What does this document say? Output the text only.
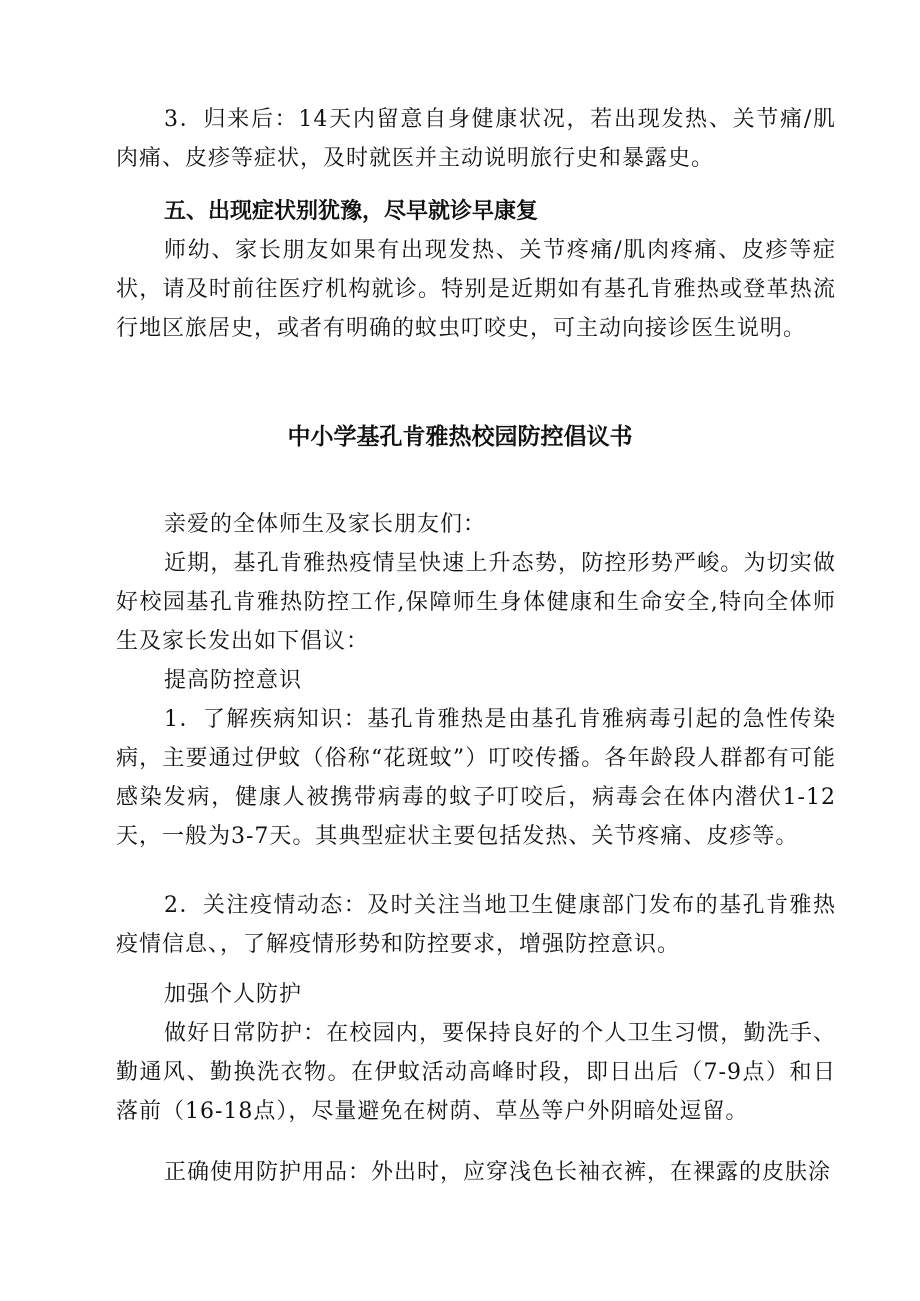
3．归来后：14天内留意自身健康状况，若出现发热、关节痛/肌肉痛、皮疹等症状，及时就医并主动说明旅行史和暴露史。

五、出现症状别犹豫，尽早就诊早康复

师幼、家长朋友如果有出现发热、关节疼痛/肌肉疼痛、皮疹等症状，请及时前往医疗机构就诊。特别是近期如有基孔肯雅热或登革热流行地区旅居史，或者有明确的蚊虫叮咬史，可主动向接诊医生说明。

中小学基孔肯雅热校园防控倡议书

亲爱的全体师生及家长朋友们：

近期，基孔肯雅热疫情呈快速上升态势，防控形势严峻。为切实做好校园基孔肯雅热防控工作,保障师生身体健康和生命安全,特向全体师生及家长发出如下倡议：

提高防控意识

1．了解疾病知识：基孔肯雅热是由基孔肯雅病毒引起的急性传染病，主要通过伊蚊（俗称“花斑蚊”）叮咬传播。各年龄段人群都有可能感染发病，健康人被携带病毒的蚊子叮咬后，病毒会在体内潜伏1-12天，一般为3-7天。其典型症状主要包括发热、关节疼痛、皮疹等。

2．关注疫情动态：及时关注当地卫生健康部门发布的基孔肯雅热疫情信息、，了解疫情形势和防控要求，增强防控意识。

加强个人防护

做好日常防护：在校园内，要保持良好的个人卫生习惯，勤洗手、勤通风、勤换洗衣物。在伊蚊活动高峰时段，即日出后（7-9点）和日落前（16-18点），尽量避免在树荫、草丛等户外阴暗处逗留。

正确使用防护用品：外出时，应穿浅色长袖衣裤，在裸露的皮肤涂
